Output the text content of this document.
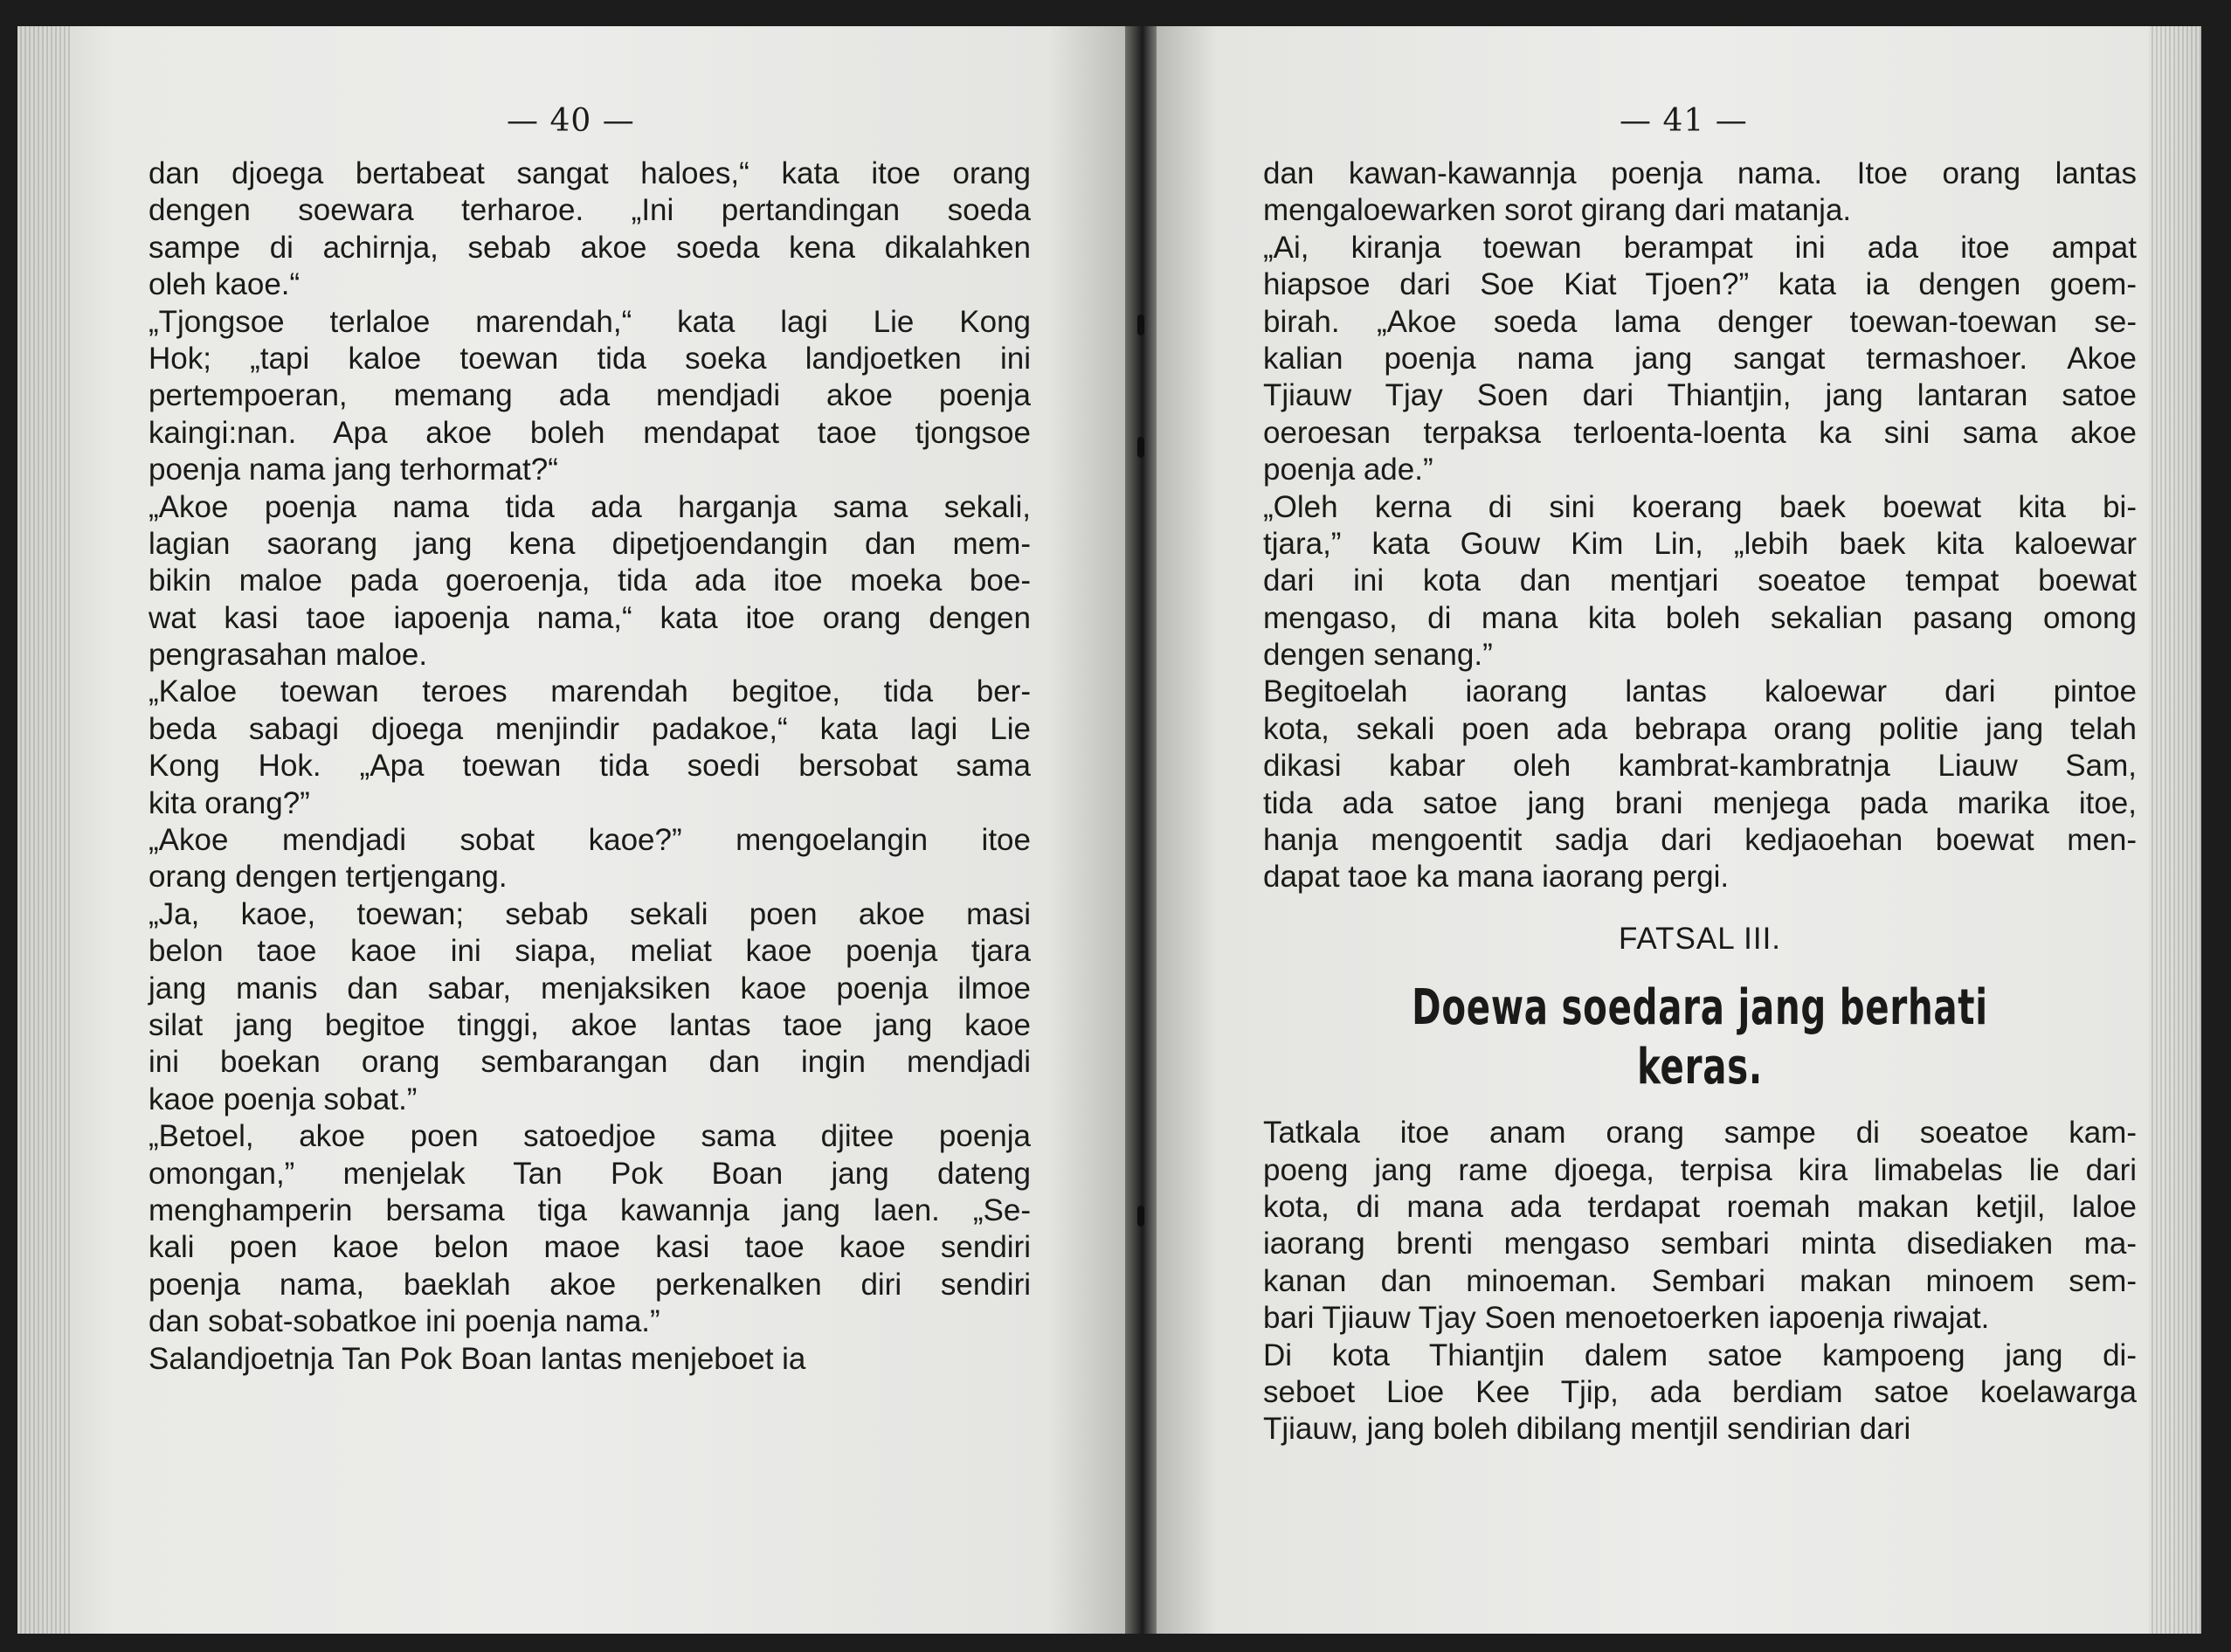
— 40 —
dan djoega bertabeat sangat haloes,“ kata itoe orang
dengen soewara terharoe. „Ini pertandingan soeda
sampe di achirnja, sebab akoe soeda kena dikalahken
oleh kaoe.“
„Tjongsoe terlaloe marendah,“ kata lagi Lie Kong
Hok; „tapi kaloe toewan tida soeka landjoetken ini
pertempoeran, memang ada mendjadi akoe poenja
kaingi:nan. Apa akoe boleh mendapat taoe tjongsoe
poenja nama jang terhormat?“
„Akoe poenja nama tida ada harganja sama sekali,
lagian saorang jang kena dipetjoendangin dan mem-
bikin maloe pada goeroenja, tida ada itoe moeka boe-
wat kasi taoe iapoenja nama,“ kata itoe orang dengen
pengrasahan maloe.
„Kaloe toewan teroes marendah begitoe, tida ber-
beda sabagi djoega menjindir padakoe,“ kata lagi Lie
Kong Hok. „Apa toewan tida soedi bersobat sama
kita orang?”
„Akoe mendjadi sobat kaoe?” mengoelangin itoe
orang dengen tertjengang.
„Ja, kaoe, toewan; sebab sekali poen akoe masi
belon taoe kaoe ini siapa, meliat kaoe poenja tjara
jang manis dan sabar, menjaksiken kaoe poenja ilmoe
silat jang begitoe tinggi, akoe lantas taoe jang kaoe
ini boekan orang sembarangan dan ingin mendjadi
kaoe poenja sobat.”
„Betoel, akoe poen satoedjoe sama djitee poenja
omongan,” menjelak Tan Pok Boan jang dateng
menghamperin bersama tiga kawannja jang laen. „Se-
kali poen kaoe belon maoe kasi taoe kaoe sendiri
poenja nama, baeklah akoe perkenalken diri sendiri
dan sobat-sobatkoe ini poenja nama.”
Salandjoetnja Tan Pok Boan lantas menjeboet ia
— 41 —
dan kawan-kawannja poenja nama. Itoe orang lantas
mengaloewarken sorot girang dari matanja.
„Ai, kiranja toewan berampat ini ada itoe ampat
hiapsoe dari Soe Kiat Tjoen?” kata ia dengen goem-
birah. „Akoe soeda lama denger toewan-toewan se-
kalian poenja nama jang sangat termashoer. Akoe
Tjiauw Tjay Soen dari Thiantjin, jang lantaran satoe
oeroesan terpaksa terloenta-loenta ka sini sama akoe
poenja ade.”
„Oleh kerna di sini koerang baek boewat kita bi-
tjara,” kata Gouw Kim Lin, „lebih baek kita kaloewar
dari ini kota dan mentjari soeatoe tempat boewat
mengaso, di mana kita boleh sekalian pasang omong
dengen senang.”
Begitoelah iaorang lantas kaloewar dari pintoe
kota, sekali poen ada bebrapa orang politie jang telah
dikasi kabar oleh kambrat-kambratnja Liauw Sam,
tida ada satoe jang brani menjega pada marika itoe,
hanja mengoentit sadja dari kedjaoehan boewat men-
dapat taoe ka mana iaorang pergi.
FATSAL III.
Doewa soedara jang berhati keras.
Tatkala itoe anam orang sampe di soeatoe kam-
poeng jang rame djoega, terpisa kira limabelas lie dari
kota, di mana ada terdapat roemah makan ketjil, laloe
iaorang brenti mengaso sembari minta disediaken ma-
kanan dan minoeman. Sembari makan minoem sem-
bari Tjiauw Tjay Soen menoetoerken iapoenja riwajat.
Di kota Thiantjin dalem satoe kampoeng jang di-
seboet Lioe Kee Tjip, ada berdiam satoe koelawarga
Tjiauw, jang boleh dibilang mentjil sendirian dari
